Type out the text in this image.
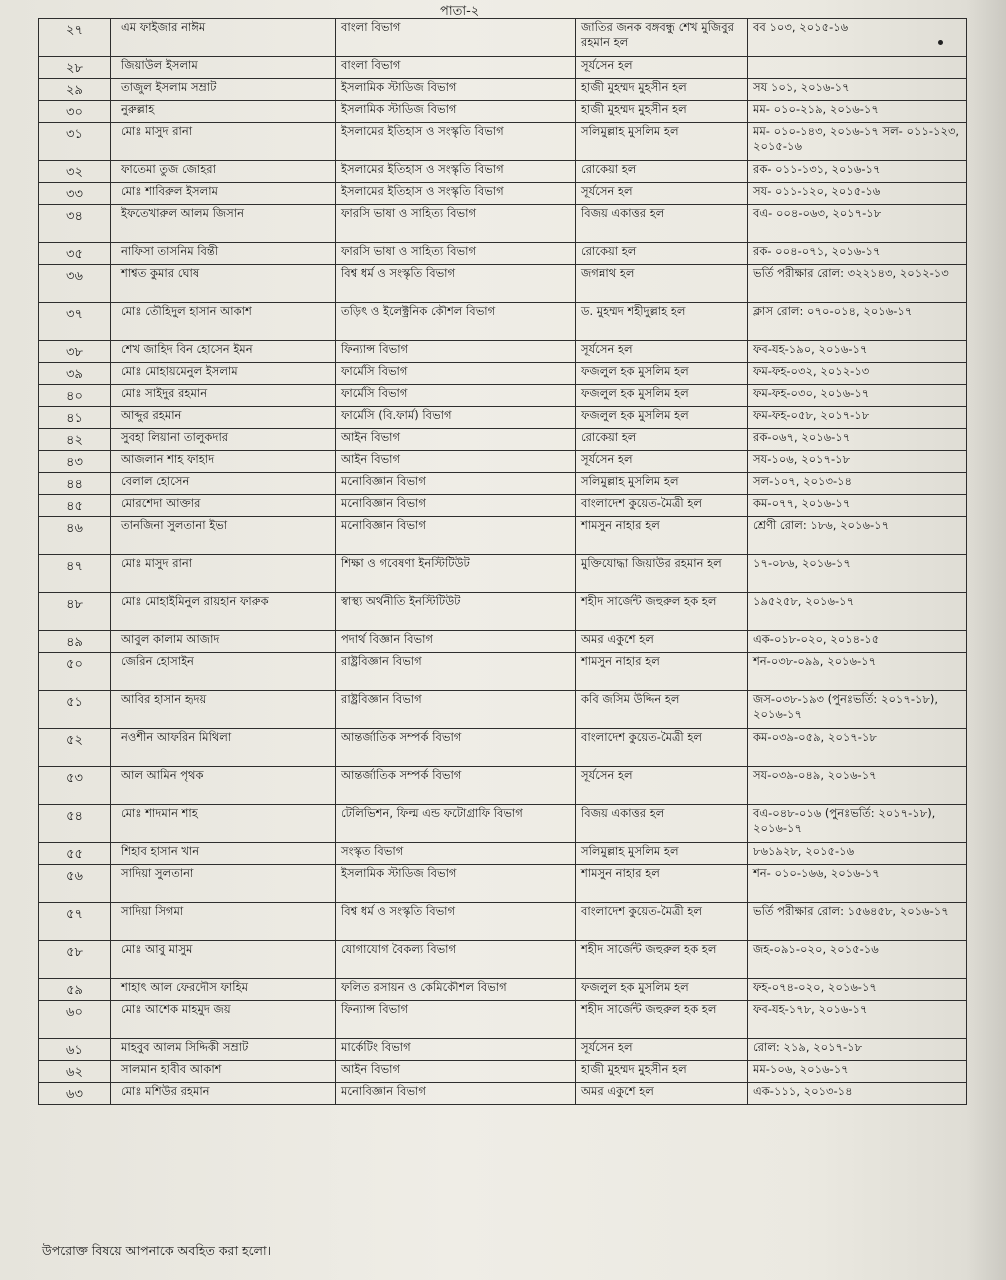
পাতা-২
২৭	এম ফাইজার নাঈম	বাংলা বিভাগ	জাতির জনক বঙ্গবন্ধু শেখ মুজিবুর রহমান হল	বব ১০৩, ২০১৫-১৬
২৮	জিয়াউল ইসলাম	বাংলা বিভাগ	সূর্যসেন হল	
২৯	তাজুল ইসলাম সম্রাট	ইসলামিক স্টাডিজ বিভাগ	হাজী মুহম্মদ মুহসীন হল	সয ১০১, ২০১৬-১৭
৩০	নুরুল্লাহ	ইসলামিক স্টাডিজ বিভাগ	হাজী মুহম্মদ মুহসীন হল	মম- ০১০-২১৯, ২০১৬-১৭
৩১	মোঃ মাসুদ রানা	ইসলামের ইতিহাস ও সংস্কৃতি বিভাগ	সলিমুল্লাহ মুসলিম হল	মম- ০১০-১৪৩, ২০১৬-১৭ সল- ০১১-১২৩, ২০১৫-১৬
৩২	ফাতেমা তুজ জোহরা	ইসলামের ইতিহাস ও সংস্কৃতি বিভাগ	রোকেয়া হল	রক- ০১১-১৩১, ২০১৬-১৭
৩৩	মোঃ শাবিরুল ইসলাম	ইসলামের ইতিহাস ও সংস্কৃতি বিভাগ	সূর্যসেন হল	সয- ০১১-১২০, ২০১৫-১৬
৩৪	ইফতেখারুল আলম জিসান	ফারসি ভাষা ও সাহিত্য বিভাগ	বিজয় একাত্তর হল	বএ- ০০৪-০৬৩, ২০১৭-১৮
৩৫	নাফিসা তাসনিম বিন্তী	ফারসি ভাষা ও সাহিত্য বিভাগ	রোকেয়া হল	রক- ০০৪-০৭১, ২০১৬-১৭
৩৬	শাশ্বত কুমার ঘোষ	বিশ্ব ধর্ম ও সংস্কৃতি বিভাগ	জগন্নাথ হল	ভর্তি পরীক্ষার রোল: ৩২২১৪৩, ২০১২-১৩
৩৭	মোঃ তৌহিদুল হাসান আকাশ	তড়িৎ ও ইলেক্ট্রনিক কৌশল বিভাগ	ড. মুহম্মদ শহীদুল্লাহ হল	ক্লাস রোল: ০৭০-০১৪, ২০১৬-১৭
৩৮	শেখ জাহিদ বিন হোসেন ইমন	ফিন্যান্স বিভাগ	সূর্যসেন হল	ফব-যহ-১৯০, ২০১৬-১৭
৩৯	মোঃ মোহায়মেনুল ইসলাম	ফার্মেসি বিভাগ	ফজলুল হক মুসলিম হল	ফম-ফহ-০৩২, ২০১২-১৩
৪০	মোঃ সাইদুর রহমান	ফার্মেসি বিভাগ	ফজলুল হক মুসলিম হল	ফম-ফহ-০৩০, ২০১৬-১৭
৪১	আব্দুর রহমান	ফার্মেসি (বি.ফার্ম) বিভাগ	ফজলুল হক মুসলিম হল	ফম-ফহ-০৫৮, ২০১৭-১৮
৪২	সুবহা লিয়ানা তালুকদার	আইন বিভাগ	রোকেয়া হল	রক-০৬৭, ২০১৬-১৭
৪৩	আজলান শাহ ফাহাদ	আইন বিভাগ	সূর্যসেন হল	সয-১০৬, ২০১৭-১৮
৪৪	বেলাল হোসেন	মনোবিজ্ঞান বিভাগ	সলিমুল্লাহ মুসলিম হল	সল-১০৭, ২০১৩-১৪
৪৫	মোরশেদা আক্তার	মনোবিজ্ঞান বিভাগ	বাংলাদেশ কুয়েত-মৈত্রী হল	কম-০৭৭, ২০১৬-১৭
৪৬	তানজিনা সুলতানা ইভা	মনোবিজ্ঞান বিভাগ	শামসুন নাহার হল	শ্রেণী রোল: ১৮৬, ২০১৬-১৭
৪৭	মোঃ মাসুদ রানা	শিক্ষা ও গবেষণা ইনস্টিটিউট	মুক্তিযোদ্ধা জিয়াউর রহমান হল	১৭-০৮৬, ২০১৬-১৭
৪৮	মোঃ মোহাইমিনুল রায়হান ফারুক	স্বাস্থ্য অর্থনীতি ইনস্টিটিউট	শহীদ সার্জেন্ট জহুরুল হক হল	১৯৫২৫৮, ২০১৬-১৭
৪৯	আবুল কালাম আজাদ	পদার্থ বিজ্ঞান বিভাগ	অমর একুশে হল	এক-০১৮-০২০, ২০১৪-১৫
৫০	জেরিন হোসাইন	রাষ্ট্রবিজ্ঞান বিভাগ	শামসুন নাহার হল	শন-০৩৮-০৯৯, ২০১৬-১৭
৫১	আবির হাসান হৃদয়	রাষ্ট্রবিজ্ঞান বিভাগ	কবি জসিম উদ্দিন হল	জস-০৩৮-১৯৩ (পুনঃভর্তি: ২০১৭-১৮), ২০১৬-১৭
৫২	নওশীন আফরিন মিথিলা	আন্তর্জাতিক সম্পর্ক বিভাগ	বাংলাদেশ কুয়েত-মৈত্রী হল	কম-০৩৯-০৫৯, ২০১৭-১৮
৫৩	আল আমিন পৃথক	আন্তর্জাতিক সম্পর্ক বিভাগ	সূর্যসেন হল	সয-০৩৯-০৪৯, ২০১৬-১৭
৫৪	মোঃ শাদমান শাহ	টেলিভিশন, ফিল্ম এন্ড ফটোগ্রাফি বিভাগ	বিজয় একাত্তর হল	বএ-০৪৮-০১৬ (পুনঃভর্তি: ২০১৭-১৮), ২০১৬-১৭
৫৫	শিহাব হাসান খান	সংস্কৃত বিভাগ	সলিমুল্লাহ মুসলিম হল	৮৬১৯২৮, ২০১৫-১৬
৫৬	সাদিয়া সুলতানা	ইসলামিক স্টাডিজ বিভাগ	শামসুন নাহার হল	শন- ০১০-১৬৬, ২০১৬-১৭
৫৭	সাদিয়া সিগমা	বিশ্ব ধর্ম ও সংস্কৃতি বিভাগ	বাংলাদেশ কুয়েত-মৈত্রী হল	ভর্তি পরীক্ষার রোল: ১৫৬৪৫৮, ২০১৬-১৭
৫৮	মোঃ আবু মাসুম	যোগাযোগ বৈকল্য বিভাগ	শহীদ সার্জেন্ট জহুরুল হক হল	জহ-০৯১-০২০, ২০১৫-১৬
৫৯	শাহাৎ আল ফেরদৌস ফাহিম	ফলিত রসায়ন ও কেমিকৌশল বিভাগ	ফজলুল হক মুসলিম হল	ফহ-০৭৪-০২০, ২০১৬-১৭
৬০	মোঃ আশেক মাহমুদ জয়	ফিন্যান্স বিভাগ	শহীদ সার্জেন্ট জহুরুল হক হল	ফব-যহ-১৭৮, ২০১৬-১৭
৬১	মাহবুব আলম সিদ্দিকী সম্রাট	মার্কেটিং বিভাগ	সূর্যসেন হল	রোল: ২১৯, ২০১৭-১৮
৬২	সালমান হাবীব আকাশ	আইন বিভাগ	হাজী মুহম্মদ মুহসীন হল	মম-১০৬, ২০১৬-১৭
৬৩	মোঃ মশিউর রহমান	মনোবিজ্ঞান বিভাগ	অমর একুশে হল	এক-১১১, ২০১৩-১৪
উপরোক্ত বিষয়ে আপনাকে অবহিত করা হলো।
